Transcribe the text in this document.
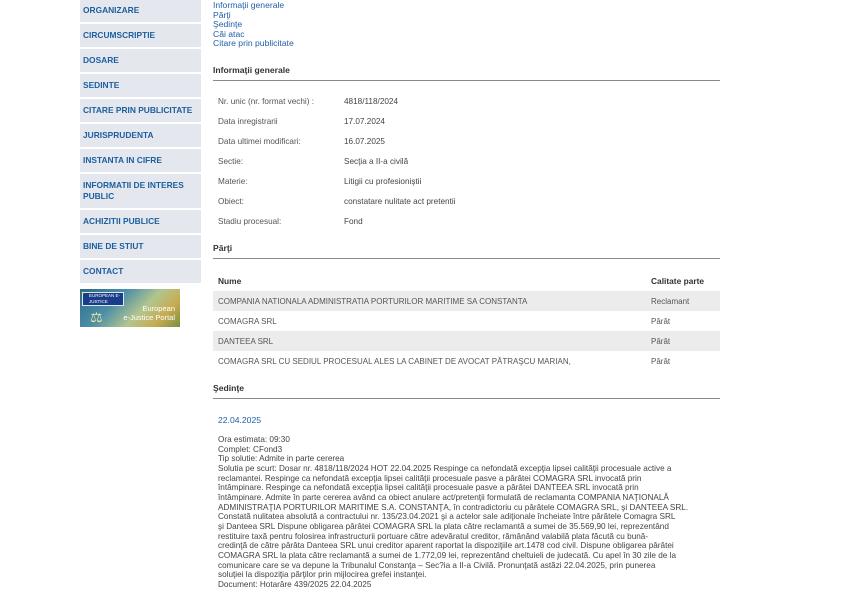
ORGANIZARE
CIRCUMSCRIPTIE
DOSARE
SEDINTE
CITARE PRIN PUBLICITATE
JURISPRUDENTA
INSTANTA IN CIFRE
INFORMATII DE INTERES PUBLIC
ACHIZITII PUBLICE
BINE DE STIUT
CONTACT
EUROPEAN E-JUSTICE
★
⚖
European
e-Justice Portal
Informaţii generale
Părţi
Şedinţe
Căi atac
Citare prin publicitate
Informaţii generale
Nr. unic (nr. format vechi) :	4818/118/2024
Data inregistrarii	17.07.2024
Data ultimei modificari:	16.07.2025
Sectie:	Secţia a II-a civilă
Materie:	Litigii cu profesioniştii
Obiect:	constatare nulitate act pretentii
Stadiu procesual:	Fond
Părţi
Nume	Calitate parte
COMPANIA NATIONALA ADMINISTRATIA PORTURILOR MARITIME SA CONSTANTA	Reclamant
COMAGRA SRL	Pârât
DANTEEA SRL	Pârât
COMAGRA SRL CU SEDIUL PROCESUAL ALES LA CABINET DE AVOCAT PĂTRAŞCU MARIAN,	Pârât
Şedinţe
22.04.2025
Ora estimata: 09:30
Complet: CFond3
Tip solutie: Admite in parte cererea
Solutia pe scurt: Dosar nr. 4818/118/2024 HOT 22.04.2025 Respinge ca nefondată excepţia lipsei calităţii procesuale active a
reclamantei. Respinge ca nefondată excepţia lipsei calităţii procesuale pasve a pârâtei COMAGRA SRL invocată prin
întâmpinare. Respinge ca nefondată excepţia lipsei calităţii procesuale pasve a pârâtei DANTEEA SRL invocată prin
întâmpinare. Admite în parte cererea având ca obiect anulare act/pretenţii formulată de reclamanta COMPANIA NAŢIONALĂ
ADMINISTRAŢIA PORTURILOR MARITIME S.A. CONSTANŢA, în contradictoriu cu pârâtele COMAGRA SRL, şi DANTEEA SRL.
Constată nulitatea absolută a contractului nr. 135/23.04.2021 şi a actelor sale adiţionale încheiate între pârâtele Comagra SRL
şi Danteea SRL Dispune obligarea pârâtei COMAGRA SRL la plata către reclamantă a sumei de 35.569,90 lei, reprezentând
restituire taxă pentru folosirea infrastructurii portuare către adevăratul creditor, rămânând valabilă plata făcută cu bună-
credinţă de către pârâta Danteea SRL unui creditor aparent raportat la dispoziţiile art.1478 cod civil. Dispune obligarea pârâtei
COMAGRA SRL la plata către reclamantă a sumei de 1.772,09 lei, reprezentând cheltuieli de judecată. Cu apel în 30 zile de la
comunicare care se va depune la Tribunalul Constanţa – Sec?ia a II-a Civilă. Pronunţată astăzi 22.04.2025, prin punerea
soluţiei la dispoziţia părţilor prin mijlocirea grefei instanţei.
Document: Hotarâre 439/2025 22.04.2025
